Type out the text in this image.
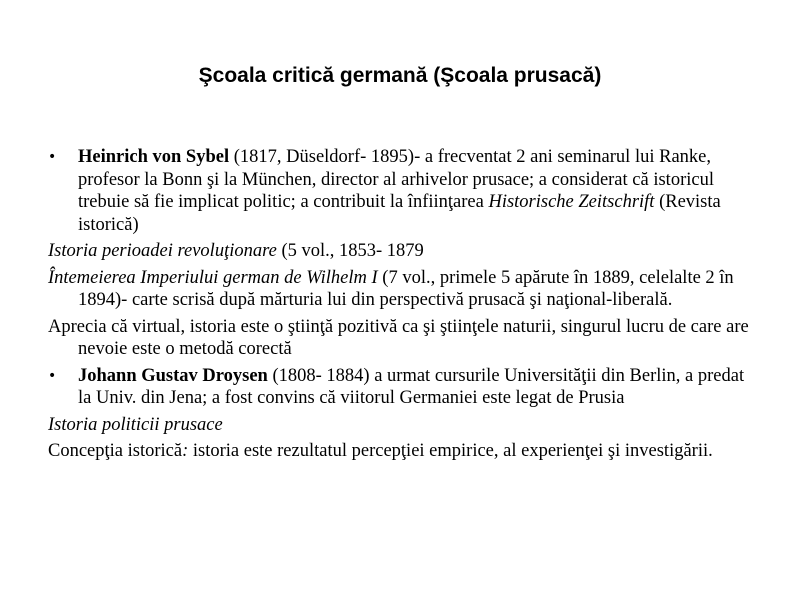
Şcoala critică germană (Şcoala prusacă)

•	Heinrich von Sybel (1817, Düseldorf- 1895)- a frecventat 2 ani seminarul lui Ranke, profesor la Bonn şi la München, director al arhivelor prusace; a considerat că istoricul trebuie să fie implicat politic; a contribuit la înfiinţarea Historische Zeitschrift (Revista istorică)

Istoria perioadei revoluţionare (5 vol., 1853- 1879

Întemeierea Imperiului german de Wilhelm I (7 vol., primele 5 apărute în 1889, celelalte 2 în 1894)- carte scrisă după mărturia lui din perspectivă prusacă şi naţional-liberală.

Aprecia că virtual, istoria este o ştiinţă pozitivă ca şi ştiinţele naturii, singurul lucru de care are nevoie este o metodă corectă

•	Johann Gustav Droysen (1808- 1884) a urmat cursurile Universităţii din Berlin, a predat la Univ. din Jena; a fost convins că viitorul Germaniei este legat de Prusia

Istoria politicii prusace

Concepţia istorică: istoria este rezultatul percepţiei empirice, al experienţei şi investigării.
